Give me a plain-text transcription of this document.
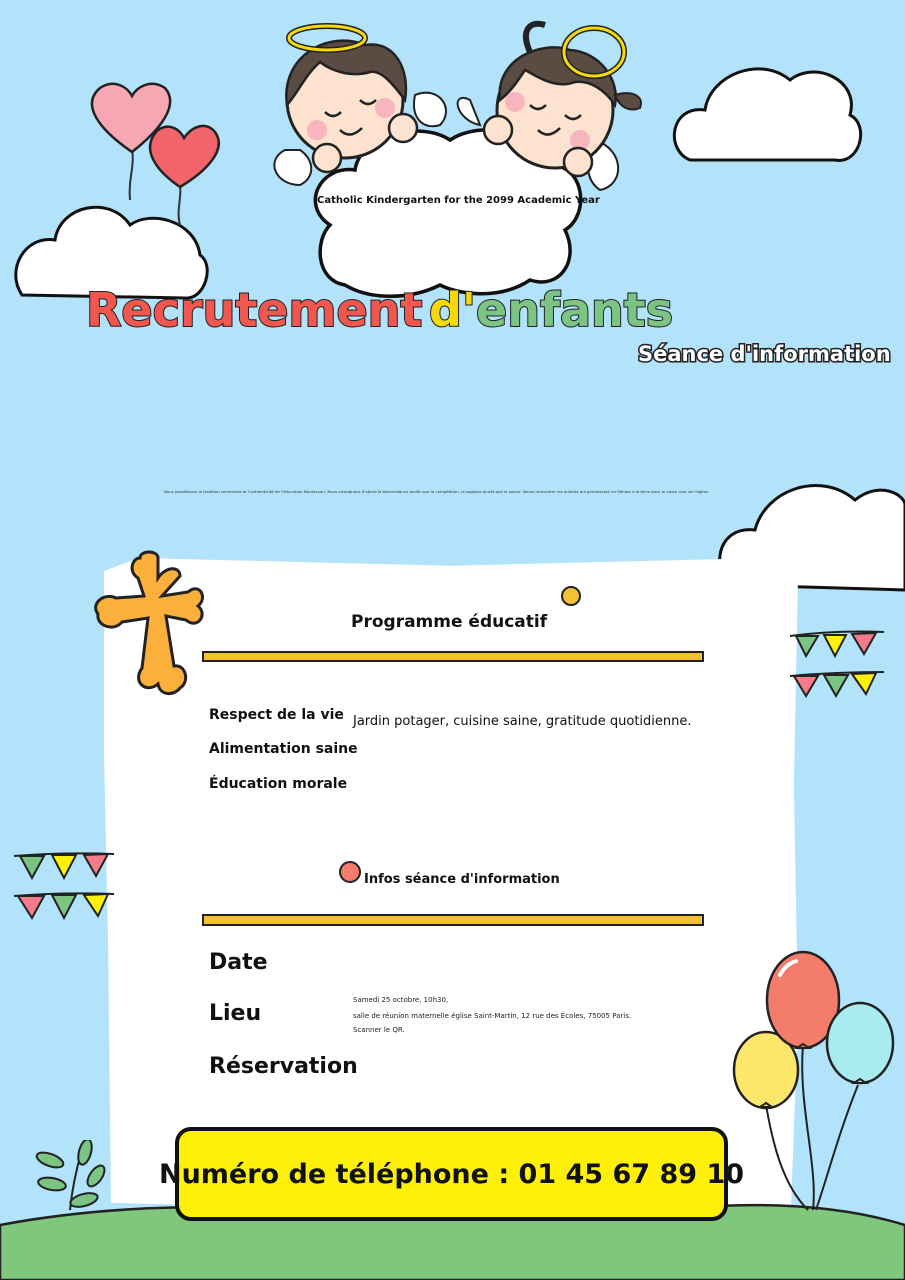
Catholic Kindergarten for the 2099 Academic Year
Recrutement d'enfants
Séance d'information
Nous perpétuons la tradition centenaire et l'authenticité de l'éducation Montessori. Nous enseignons d'abord la bienveillance plutôt que la compétition, la sagesse plutôt que le savoir. Venez rencontrer les enfants qui grandissent en flânant à la terre dans la vaste cour de l'église.
Programme éducatif
Respect de la vie
Alimentation saine
Éducation morale
Jardin potager, cuisine saine, gratitude quotidienne.
Infos séance d'information
Date
Lieu
Réservation
Samedi 25 octobre, 10h30,
salle de réunion maternelle église Saint-Martin, 12 rue des Écoles, 75005 Paris.
Scanner le QR.
Numéro de téléphone : 01 45 67 89 10
